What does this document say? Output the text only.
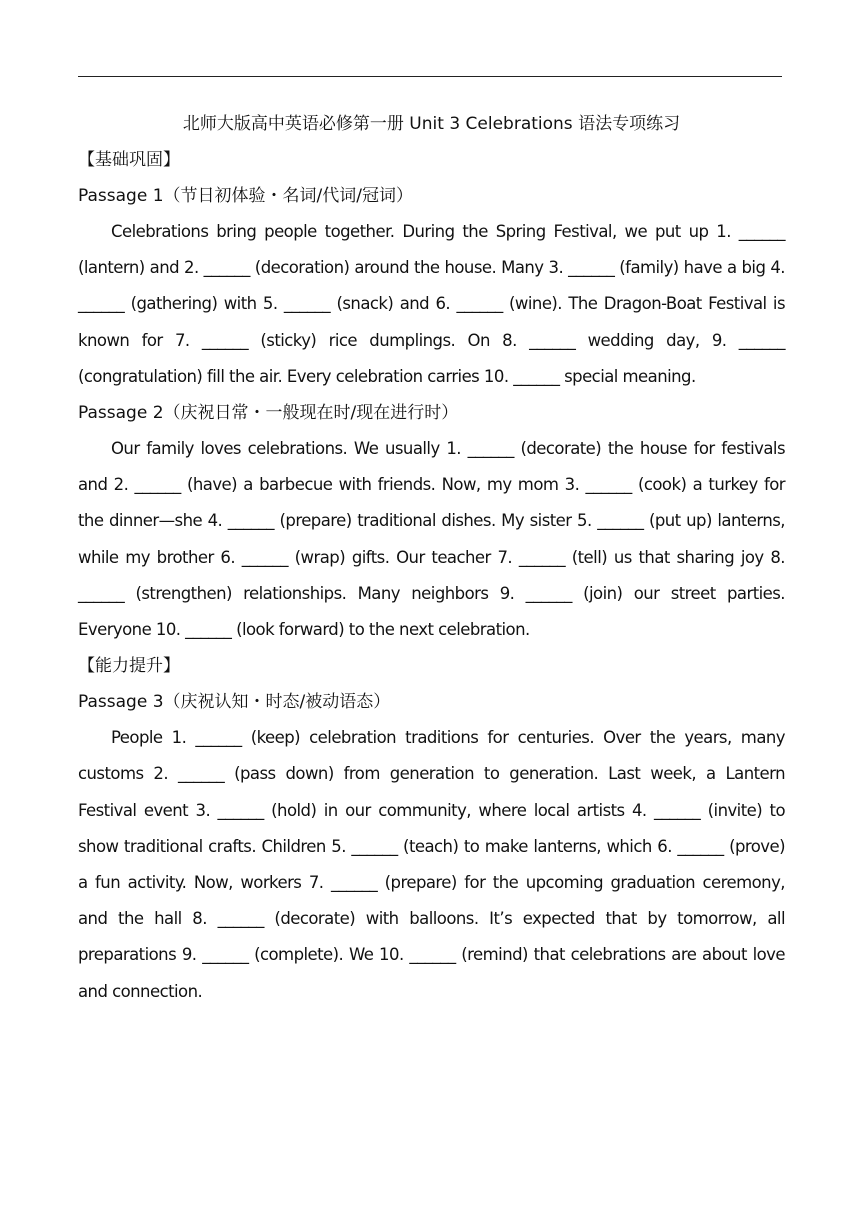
北师大版高中英语必修第一册 Unit 3 Celebrations 语法专项练习

【基础巩固】

Passage 1（节日初体验・名词/代词/冠词）

Celebrations bring people together. During the Spring Festival, we put up 1. ______ (lantern) and 2. ______ (decoration) around the house. Many 3. ______ (family) have a big 4. ______ (gathering) with 5. ______ (snack) and 6. ______ (wine). The Dragon-Boat Festival is known for 7. ______ (sticky) rice dumplings. On 8. ______ wedding day, 9. ______ (congratulation) fill the air. Every celebration carries 10. ______ special meaning.

Passage 2（庆祝日常・一般现在时/现在进行时）

Our family loves celebrations. We usually 1. ______ (decorate) the house for festivals and 2. ______ (have) a barbecue with friends. Now, my mom 3. ______ (cook) a turkey for the dinner—she 4. ______ (prepare) traditional dishes. My sister 5. ______ (put up) lanterns, while my brother 6. ______ (wrap) gifts. Our teacher 7. ______ (tell) us that sharing joy 8. ______ (strengthen) relationships. Many neighbors 9. ______ (join) our street parties. Everyone 10. ______ (look forward) to the next celebration.

【能力提升】

Passage 3（庆祝认知・时态/被动语态）

People 1. ______ (keep) celebration traditions for centuries. Over the years, many customs 2. ______ (pass down) from generation to generation. Last week, a Lantern Festival event 3. ______ (hold) in our community, where local artists 4. ______ (invite) to show traditional crafts. Children 5. ______ (teach) to make lanterns, which 6. ______ (prove) a fun activity. Now, workers 7. ______ (prepare) for the upcoming graduation ceremony, and the hall 8. ______ (decorate) with balloons. It’s expected that by tomorrow, all preparations 9. ______ (complete). We 10. ______ (remind) that celebrations are about love and connection.
